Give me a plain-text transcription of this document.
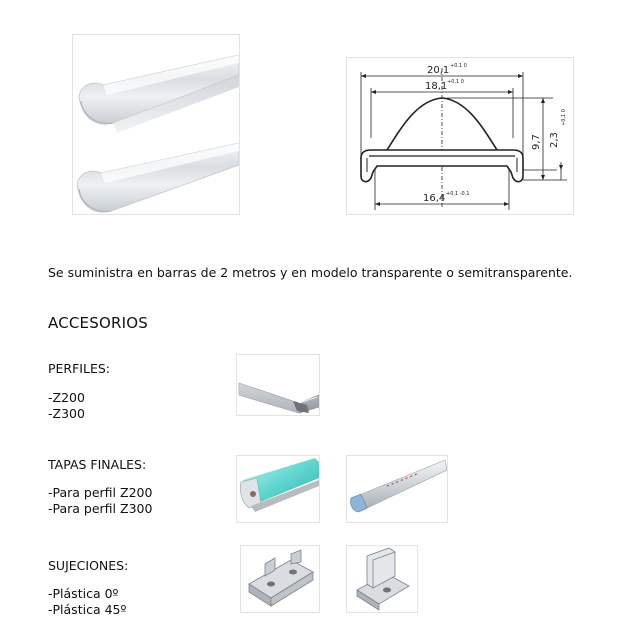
20,1 +0,1 0
18,1 +0,1 0
9,7 2,3
+0,1 0
16,4 +0,1 -0,1
Se suministra en barras de 2 metros y en modelo transparente o semitransparente.
ACCESORIOS
PERFILES:
-Z200
-Z300
TAPAS FINALES:
-Para perfil Z200
-Para perfil Z300
SUJECIONES:
-Plástica 0º
-Plástica 45º
